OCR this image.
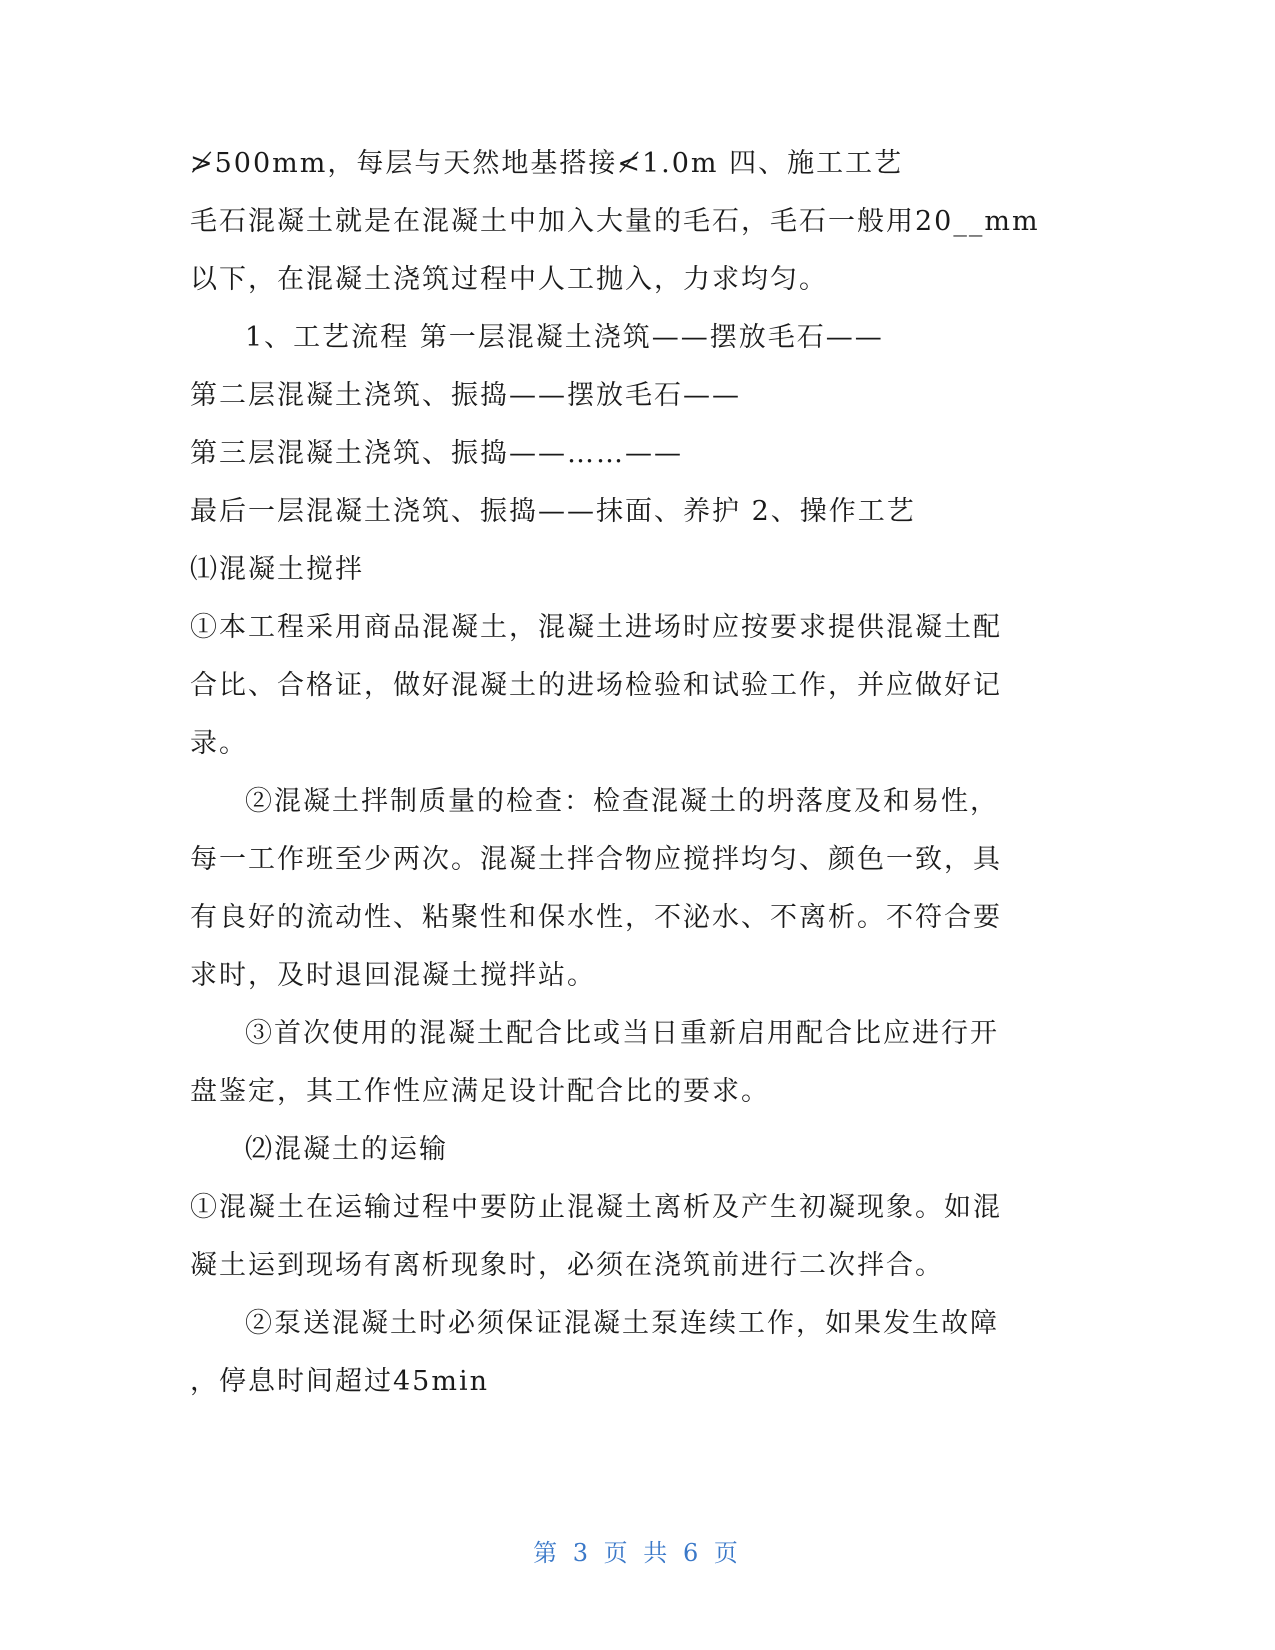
≯500mm，每层与天然地基搭接≮1.0m 四、施工工艺
毛石混凝土就是在混凝土中加入大量的毛石，毛石一般用20__mm
以下，在混凝土浇筑过程中人工抛入，力求均匀。
1、工艺流程 第一层混凝土浇筑——摆放毛石——
第二层混凝土浇筑、振捣——摆放毛石——
第三层混凝土浇筑、振捣——……——
最后一层混凝土浇筑、振捣——抹面、养护 2、操作工艺
⑴混凝土搅拌
①本工程采用商品混凝土，混凝土进场时应按要求提供混凝土配
合比、合格证，做好混凝土的进场检验和试验工作，并应做好记
录。
②混凝土拌制质量的检查：检查混凝土的坍落度及和易性，
每一工作班至少两次。混凝土拌合物应搅拌均匀、颜色一致，具
有良好的流动性、粘聚性和保水性，不泌水、不离析。不符合要
求时，及时退回混凝土搅拌站。
③首次使用的混凝土配合比或当日重新启用配合比应进行开
盘鉴定，其工作性应满足设计配合比的要求。
⑵混凝土的运输
①混凝土在运输过程中要防止混凝土离析及产生初凝现象。如混
凝土运到现场有离析现象时，必须在浇筑前进行二次拌合。
②泵送混凝土时必须保证混凝土泵连续工作，如果发生故障
，停息时间超过45min
第 3 页 共 6 页
